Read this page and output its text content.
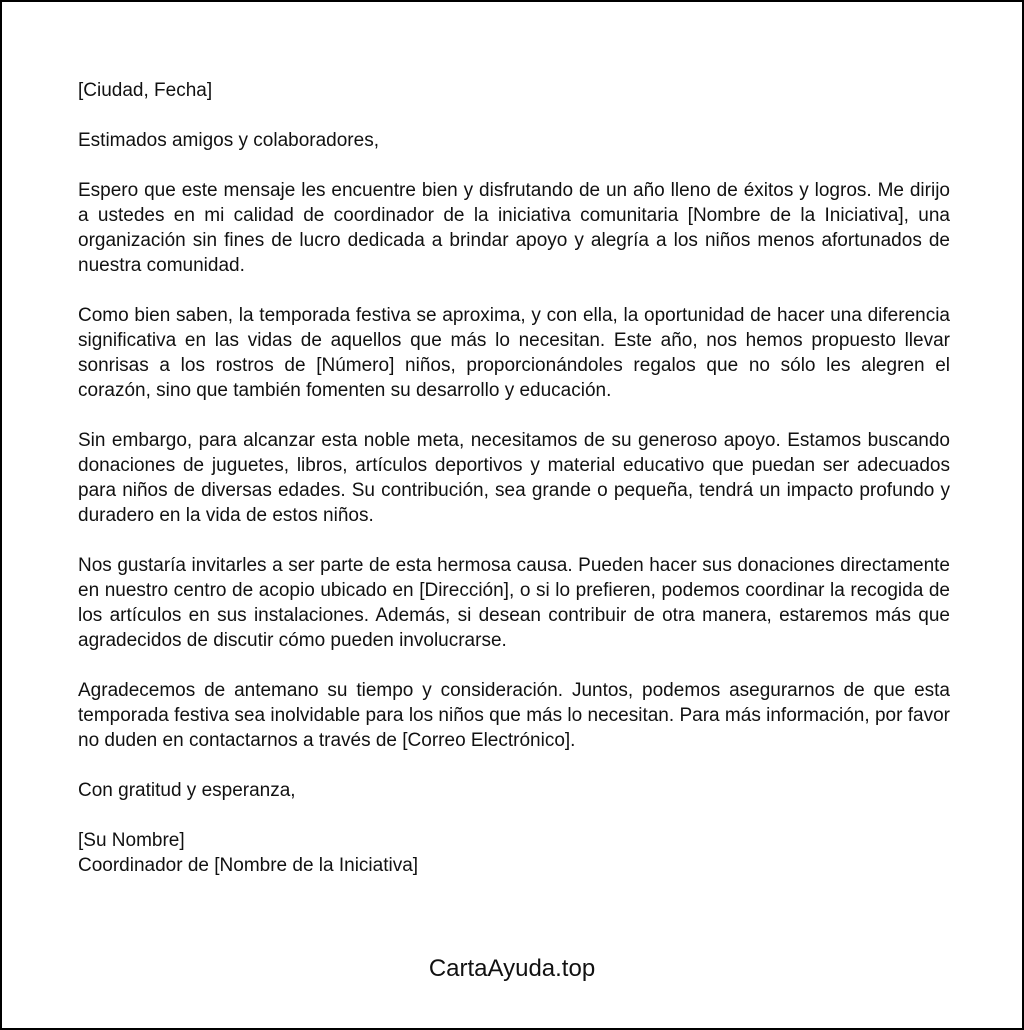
[Ciudad, Fecha]

Estimados amigos y colaboradores,

Espero que este mensaje les encuentre bien y disfrutando de un año lleno de éxitos y logros. Me dirijo a ustedes en mi calidad de coordinador de la iniciativa comunitaria [Nombre de la Iniciativa], una organización sin fines de lucro dedicada a brindar apoyo y alegría a los niños menos afortunados de nuestra comunidad.

Como bien saben, la temporada festiva se aproxima, y con ella, la oportunidad de hacer una diferencia significativa en las vidas de aquellos que más lo necesitan. Este año, nos hemos propuesto llevar sonrisas a los rostros de [Número] niños, proporcionándoles regalos que no sólo les alegren el corazón, sino que también fomenten su desarrollo y educación.

Sin embargo, para alcanzar esta noble meta, necesitamos de su generoso apoyo. Estamos buscando donaciones de juguetes, libros, artículos deportivos y material educativo que puedan ser adecuados para niños de diversas edades. Su contribución, sea grande o pequeña, tendrá un impacto profundo y duradero en la vida de estos niños.

Nos gustaría invitarles a ser parte de esta hermosa causa. Pueden hacer sus donaciones directamente en nuestro centro de acopio ubicado en [Dirección], o si lo prefieren, podemos coordinar la recogida de los artículos en sus instalaciones. Además, si desean contribuir de otra manera, estaremos más que agradecidos de discutir cómo pueden involucrarse.

Agradecemos de antemano su tiempo y consideración. Juntos, podemos asegurarnos de que esta temporada festiva sea inolvidable para los niños que más lo necesitan. Para más información, por favor no duden en contactarnos a través de [Correo Electrónico].

Con gratitud y esperanza,

[Su Nombre]
Coordinador de [Nombre de la Iniciativa]

CartaAyuda.top
